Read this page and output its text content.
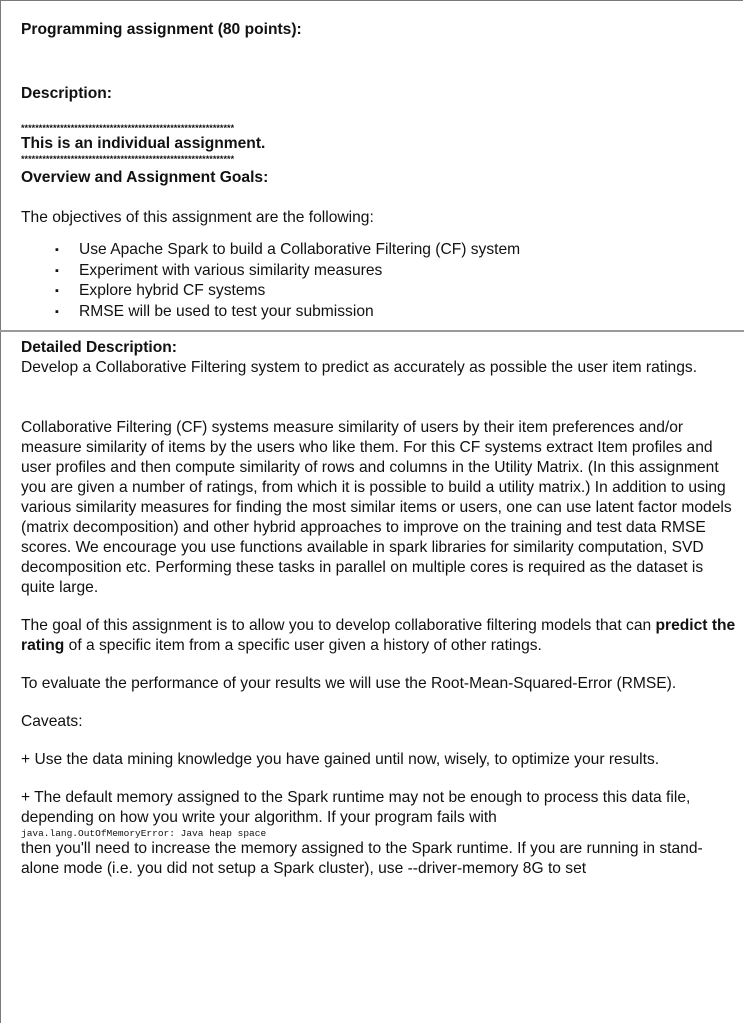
Programming assignment (80 points):
Description:
************************************************************
This is an individual assignment.
************************************************************
Overview and Assignment Goals:
The objectives of this assignment are the following:
▪ Use Apache Spark to build a Collaborative Filtering (CF) system
▪ Experiment with various similarity measures
▪ Explore hybrid CF systems
▪ RMSE will be used to test your submission
Detailed Description:

Develop a Collaborative Filtering system to predict as accurately as possible the user item ratings.

Collaborative Filtering (CF) systems measure similarity of users by their item preferences and/or measure similarity of items by the users who like them. For this CF systems extract Item profiles and user profiles and then compute similarity of rows and columns in the Utility Matrix. (In this assignment you are given a number of ratings, from which it is possible to build a utility matrix.) In addition to using various similarity measures for finding the most similar items or users, one can use latent factor models (matrix decomposition) and other hybrid approaches to improve on the training and test data RMSE scores. We encourage you use functions available in spark libraries for similarity computation, SVD decomposition etc. Performing these tasks in parallel on multiple cores is required as the dataset is quite large.

The goal of this assignment is to allow you to develop collaborative filtering models that can predict the rating of a specific item from a specific user given a history of other ratings.

To evaluate the performance of your results we will use the Root-Mean-Squared-Error (RMSE).

Caveats:

+ Use the data mining knowledge you have gained until now, wisely, to optimize your results.

+ The default memory assigned to the Spark runtime may not be enough to process this data file, depending on how you write your algorithm. If your program fails with
java.lang.OutOfMemoryError: Java heap space
then you'll need to increase the memory assigned to the Spark runtime. If you are running in stand-alone mode (i.e. you did not setup a Spark cluster), use --driver-memory 8G to set
